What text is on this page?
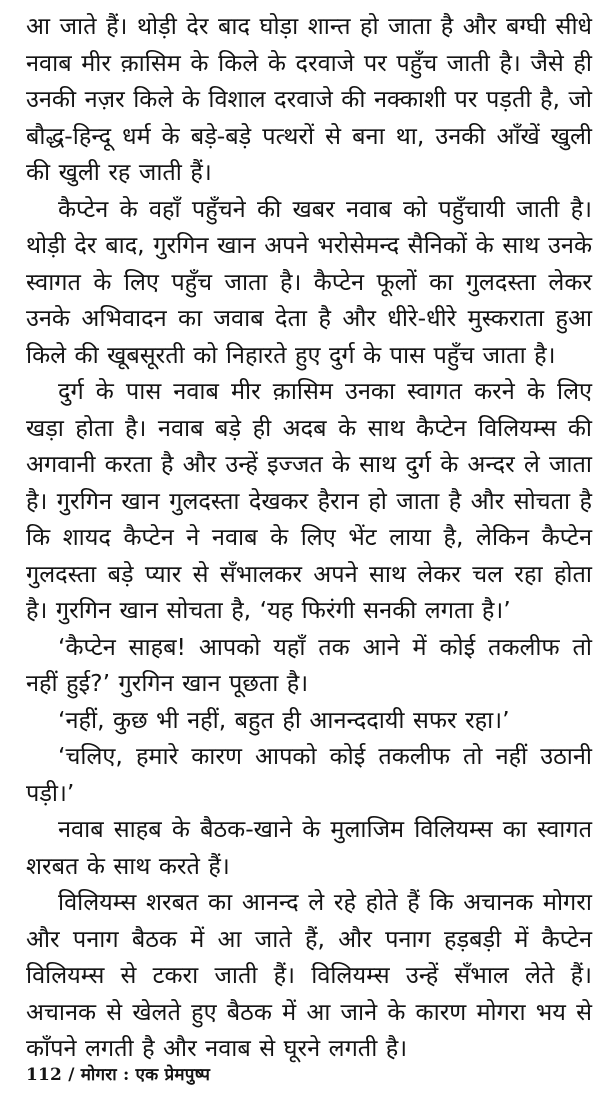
आ जाते हैं। थोड़ी देर बाद घोड़ा शान्त हो जाता है और बग्घी सीधे नवाब मीर क़ासिम के किले के दरवाजे पर पहुँच जाती है। जैसे ही उनकी नज़र किले के विशाल दरवाजे की नक्काशी पर पड़ती है, जो बौद्ध-हिन्दू धर्म के बड़े-बड़े पत्थरों से बना था, उनकी आँखें खुली की खुली रह जाती हैं।

कैप्टेन के वहाँ पहुँचने की खबर नवाब को पहुँचायी जाती है। थोड़ी देर बाद, गुरगिन खान अपने भरोसेमन्द सैनिकों के साथ उनके स्वागत के लिए पहुँच जाता है। कैप्टेन फूलों का गुलदस्ता लेकर उनके अभिवादन का जवाब देता है और धीरे-धीरे मुस्कराता हुआ किले की खूबसूरती को निहारते हुए दुर्ग के पास पहुँच जाता है।

दुर्ग के पास नवाब मीर क़ासिम उनका स्वागत करने के लिए खड़ा होता है। नवाब बड़े ही अदब के साथ कैप्टेन विलियम्स की अगवानी करता है और उन्हें इज्जत के साथ दुर्ग के अन्दर ले जाता है। गुरगिन खान गुलदस्ता देखकर हैरान हो जाता है और सोचता है कि शायद कैप्टेन ने नवाब के लिए भेंट लाया है, लेकिन कैप्टेन गुलदस्ता बड़े प्यार से सँभालकर अपने साथ लेकर चल रहा होता है। गुरगिन खान सोचता है, ‘यह फिरंगी सनकी लगता है।’

‘कैप्टेन साहब! आपको यहाँ तक आने में कोई तकलीफ तो नहीं हुई?’ गुरगिन खान पूछता है।

‘नहीं, कुछ भी नहीं, बहुत ही आनन्ददायी सफर रहा।’

‘चलिए, हमारे कारण आपको कोई तकलीफ तो नहीं उठानी पड़ी।’

नवाब साहब के बैठक-खाने के मुलाजिम विलियम्स का स्वागत शरबत के साथ करते हैं।

विलियम्स शरबत का आनन्द ले रहे होते हैं कि अचानक मोगरा और पनाग बैठक में आ जाते हैं, और पनाग हड़बड़ी में कैप्टेन विलियम्स से टकरा जाती हैं। विलियम्स उन्हें सँभाल लेते हैं। अचानक से खेलते हुए बैठक में आ जाने के कारण मोगरा भय से काँपने लगती है और नवाब से घूरने लगती है।

112 / मोगरा : एक प्रेमपुष्प
